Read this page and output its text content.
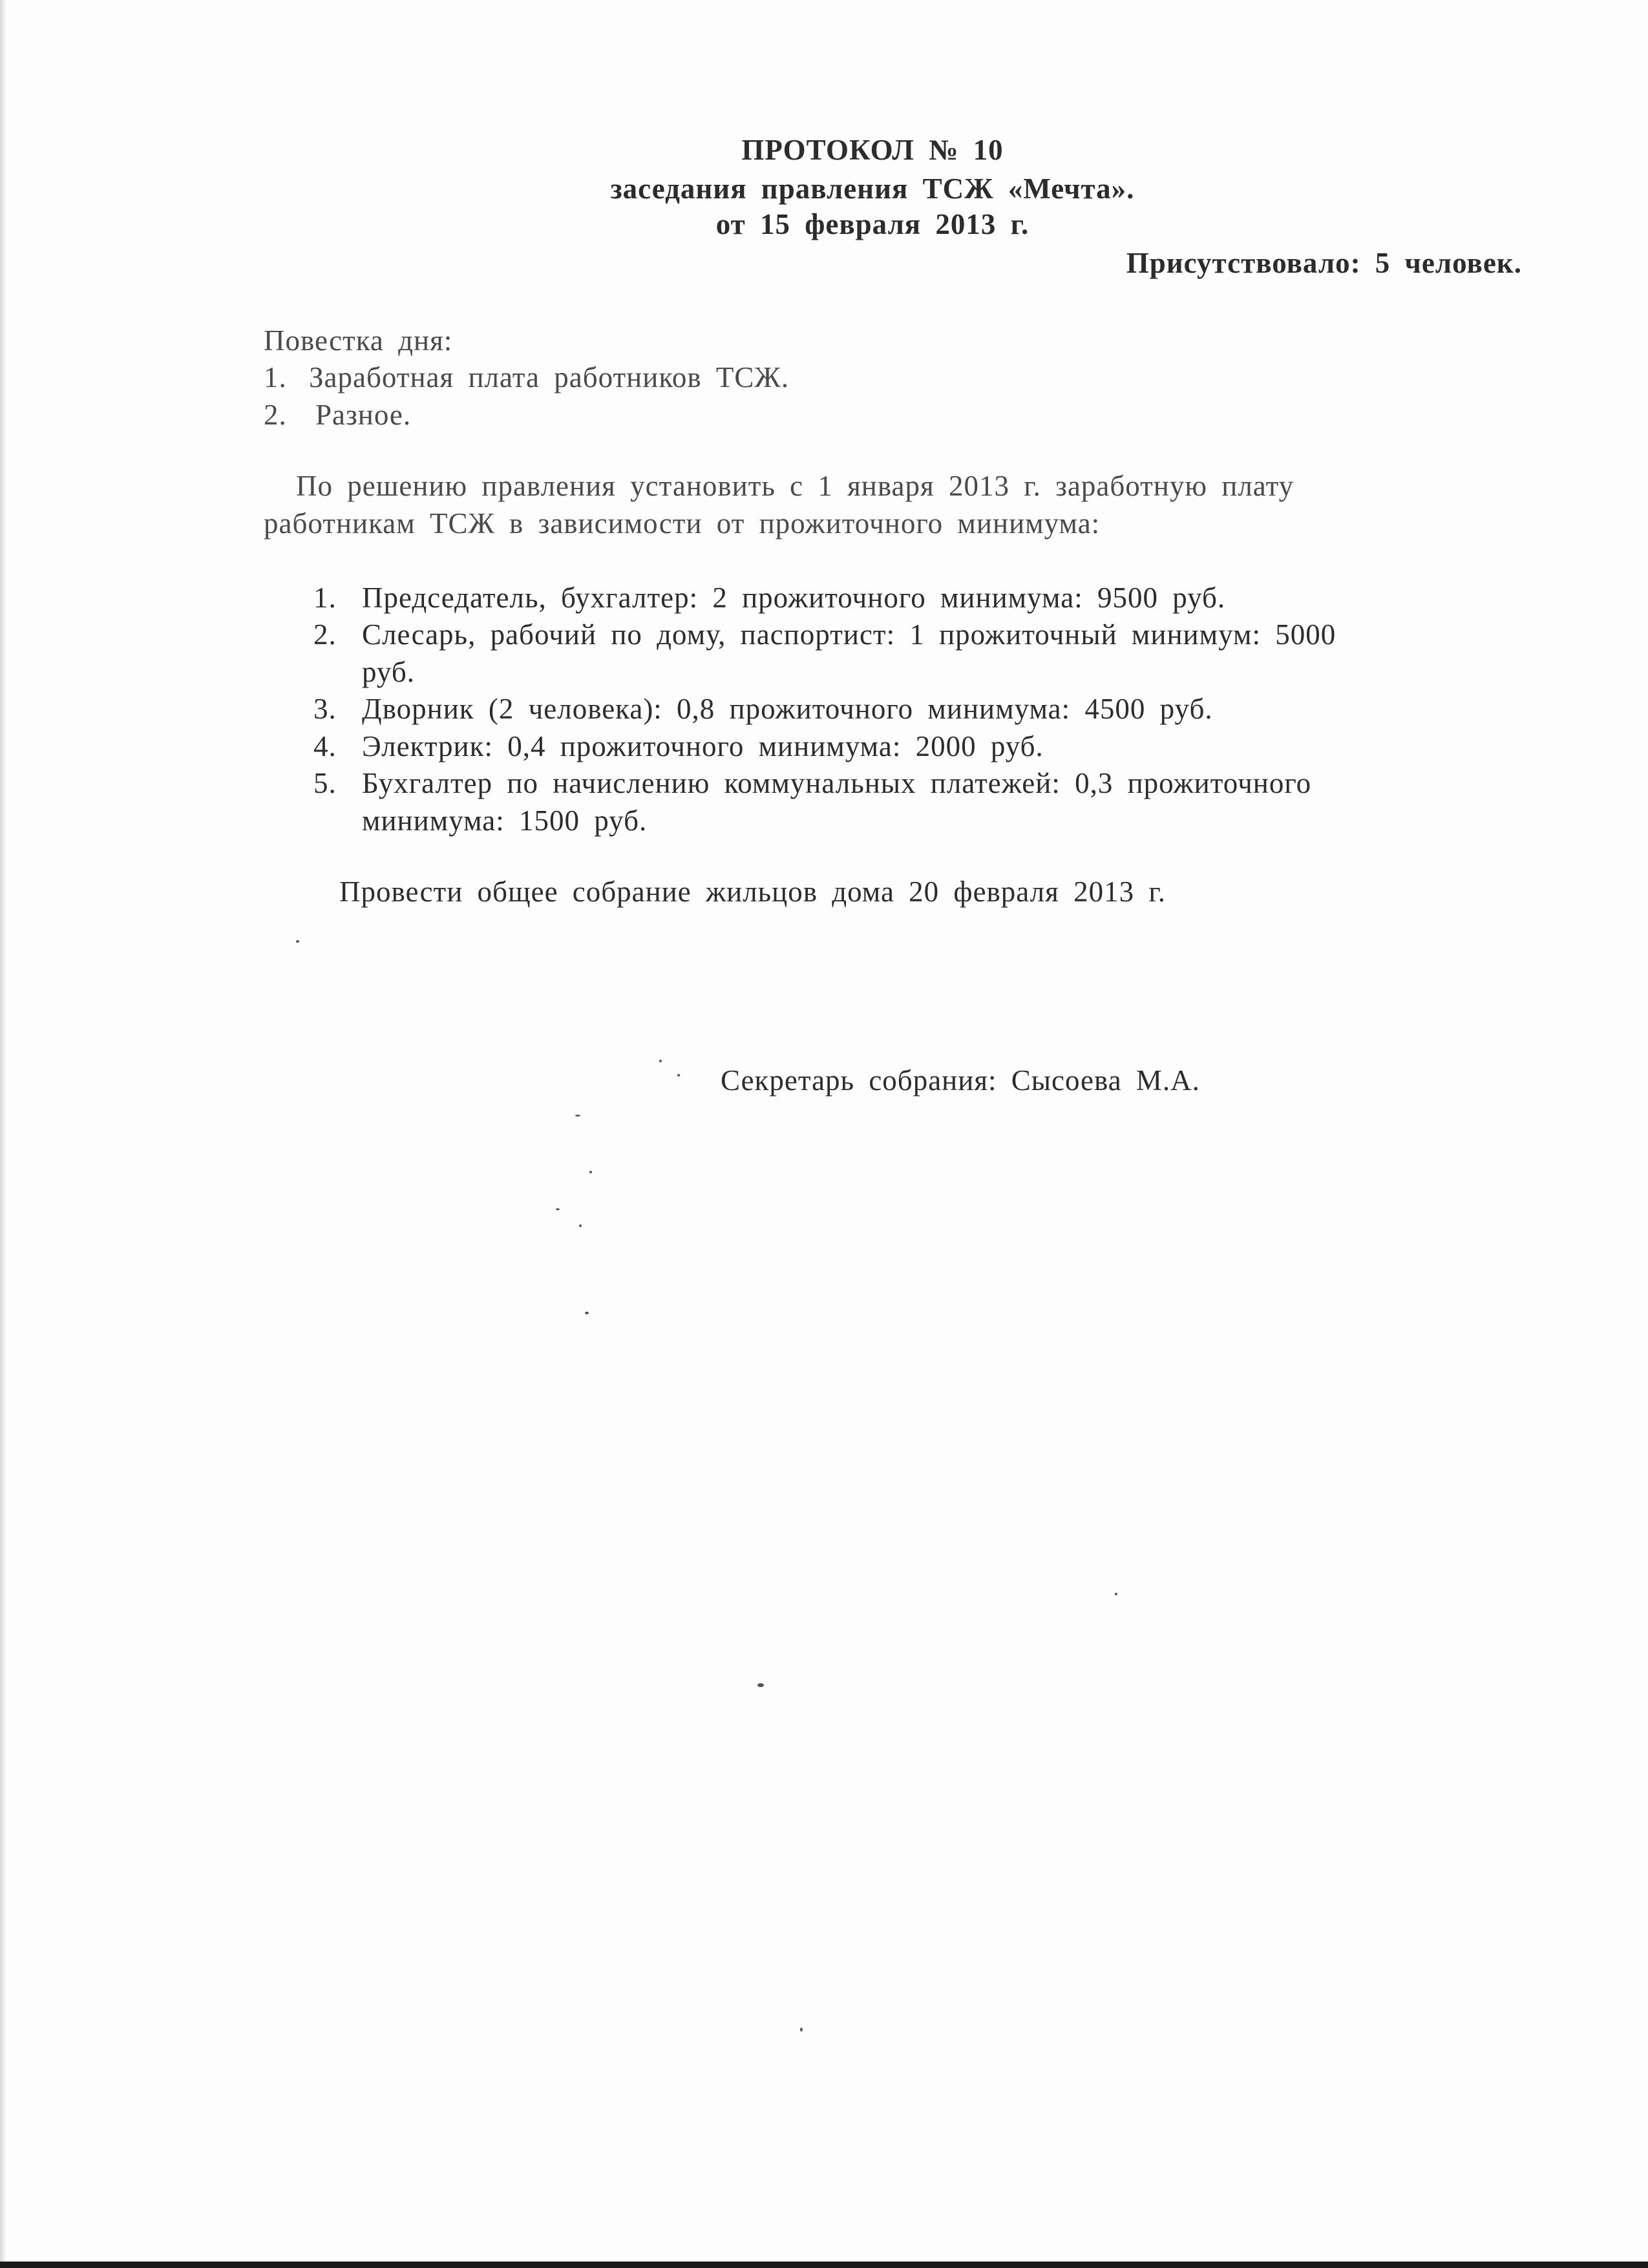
ПРОТОКОЛ № 10
заседания правления ТСЖ «Мечта».
от 15 февраля 2013 г.
Присутствовало: 5 человек.
Повестка дня:
1. Заработная плата работников ТСЖ.
2. Разное.
По решению правления установить с 1 января 2013 г. заработную плату
работникам ТСЖ в зависимости от прожиточного минимума:
1. Председатель, бухгалтер: 2 прожиточного минимума: 9500 руб.
2. Слесарь, рабочий по дому, паспортист: 1 прожиточный минимум: 5000
руб.
3. Дворник (2 человека): 0,8 прожиточного минимума: 4500 руб.
4. Электрик: 0,4 прожиточного минимума: 2000 руб.
5. Бухгалтер по начислению коммунальных платежей: 0,3 прожиточного
минимума: 1500 руб.
Провести общее собрание жильцов дома 20 февраля 2013 г.
Секретарь собрания: Сысоева М.А.
